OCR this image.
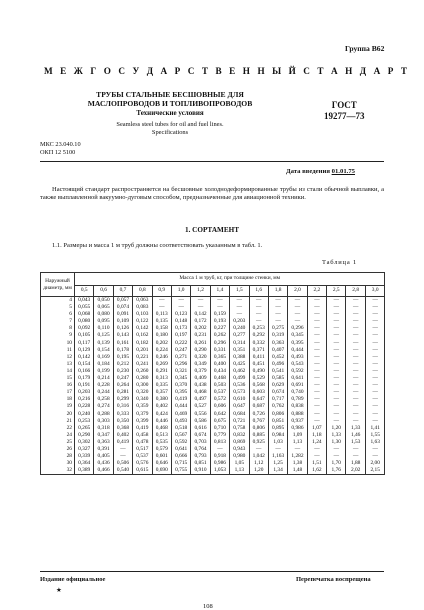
Группа В62
М Е Ж Г О С У Д А Р С Т В Е Н Н Ы Й С Т А Н Д А Р Т
ТРУБЫ СТАЛЬНЫЕ БЕСШОВНЫЕ ДЛЯ
МАСЛОПРОВОДОВ И ТОПЛИВОПРОВОДОВ
Технические условия
Seamless steel tubes for oil and fuel lines.
Specifications
ГОСТ
19277—73
МКС 23.040.10
ОКП 12 5100
Дата введения 01.01.75
Настоящий стандарт распространяется на бесшовные холоднодеформированные трубы из стали обычной выплавки, а также выплавленной вакуумно-дуговым способом, предназначенные для авиационной техники.
1. СОРТАМЕНТ
1.1. Размеры и масса 1 м труб должны соответствовать указанным в табл. 1.
Таблица 1
Наружный диаметр, мм	Масса 1 м труб, кг, при толщине стенки, мм															
	0,5	0,6	0,7	0,8	0,9	1,0	1,2	1,4	1,5	1,6	1,8	2,0	2,2	2,5	2,8	3,0
4	0,043	0,050	0,057	0,063	—	—	—	—	—	—	—	—	—	—	—	—
5	0,055	0,065	0,074	0,083	—	—	—	—	—	—	—	—	—	—	—	—
6	0,068	0,080	0,091	0,103	0,113	0,123	0,142	0,159	—	—	—	—	—	—	—	—
7	0,080	0,095	0,109	0,122	0,135	0,148	0,172	0,193	0,203	—	—	—	—	—	—	—
8	0,092	0,110	0,126	0,142	0,158	0,173	0,202	0,227	0,240	0,253	0,275	0,296	—	—	—	—
9	0,105	0,125	0,143	0,162	0,180	0,197	0,231	0,262	0,277	0,292	0,319	0,345	—	—	—	—
10	0,117	0,139	0,161	0,182	0,202	0,222	0,261	0,296	0,314	0,332	0,363	0,395	—	—	—	—
11	0,129	0,154	0,178	0,201	0,224	0,247	0,290	0,331	0,351	0,371	0,407	0,444	—	—	—	—
12	0,142	0,169	0,195	0,221	0,246	0,271	0,320	0,365	0,388	0,411	0,452	0,493	—	—	—	—
13	0,154	0,184	0,212	0,241	0,269	0,296	0,349	0,400	0,425	0,451	0,496	0,543	—	—	—	—
14	0,166	0,199	0,230	0,260	0,291	0,321	0,379	0,434	0,462	0,490	0,541	0,592	—	—	—	—
15	0,179	0,214	0,247	0,280	0,313	0,345	0,409	0,468	0,499	0,529	0,585	0,641	—	—	—	—
16	0,191	0,228	0,264	0,300	0,335	0,370	0,438	0,503	0,536	0,568	0,629	0,691	—	—	—	—
17	0,203	0,244	0,281	0,320	0,357	0,395	0,468	0,537	0,573	0,603	0,674	0,740	—	—	—	—
18	0,216	0,258	0,299	0,340	0,380	0,419	0,497	0,572	0,610	0,647	0,717	0,789	—	—	—	—
19	0,228	0,274	0,316	0,359	0,402	0,444	0,527	0,606	0,647	0,687	0,762	0,838	—	—	—	—
20	0,240	0,288	0,333	0,379	0,424	0,469	0,556	0,642	0,684	0,726	0,806	0,888	—	—	—	—
21	0,253	0,303	0,350	0,399	0,446	0,493	0,586	0,675	0,721	0,767	0,851	0,937	—	—	—	—
22	0,265	0,318	0,368	0,419	0,468	0,518	0,616	0,710	0,758	0,806	0,895	0,986	1,07	1,20	1,33	1,41
24	0,290	0,347	0,402	0,458	0,513	0,567	0,674	0,779	0,832	0,885	0,984	1,09	1,18	1,33	1,46	1,55
25	0,302	0,363	0,419	0,478	0,535	0,592	0,703	0,813	0,869	0,925	1,03	1,13	1,24	1,30	1,53	1,63
26	0,327	0,391	—	0,517	0,579	0,641	0,764	—	0,943	—	—	—	—	—	—	—
28	0,339	0,405	—	0,537	0,601	0,666	0,793	0,918	0,980	1,042	1,163	1,282	—	—	—	—
30	0,364	0,436	0,506	0,576	0,646	0,715	0,851	0,986	1,05	1,12	1,25	1,38	1,51	1,70	1,88	2,00
32	0,389	0,466	0,540	0,615	0,690	0,755	0,910	1,053	1,13	1,20	1,34	1,48	1,62	1,76	2,02	2,15
Издание официальное
★
Перепечатка воспрещена
108
